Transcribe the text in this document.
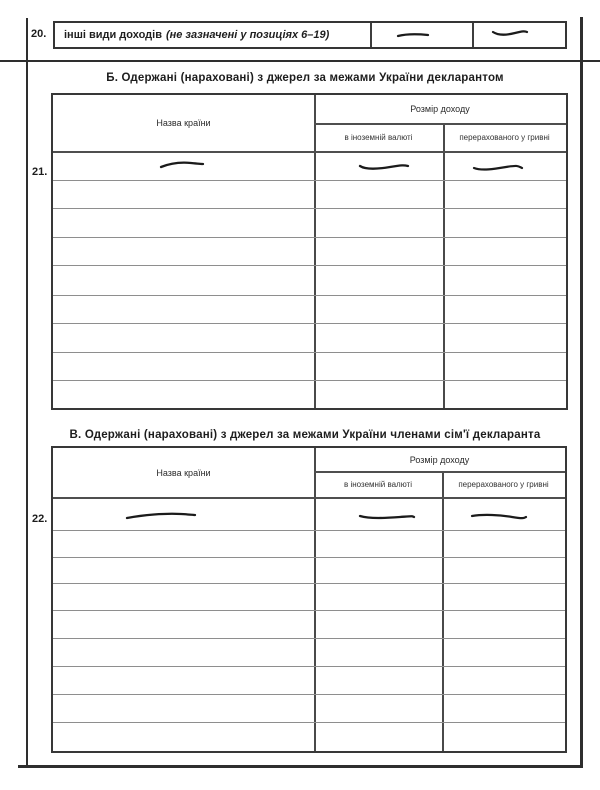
20. інші види доходів (не зазначені у позиціях 6–19)
Б. Одержані (нараховані) з джерел за межами України декларантом
Назва країни
Розмір доходу
в іноземній валюті	перерахованого у гривні
21.
В. Одержані (нараховані) з джерел за межами України членами сім'ї декларанта
Назва країни
Розмір доходу
в іноземній валюті	перерахованого у гривні
22.
